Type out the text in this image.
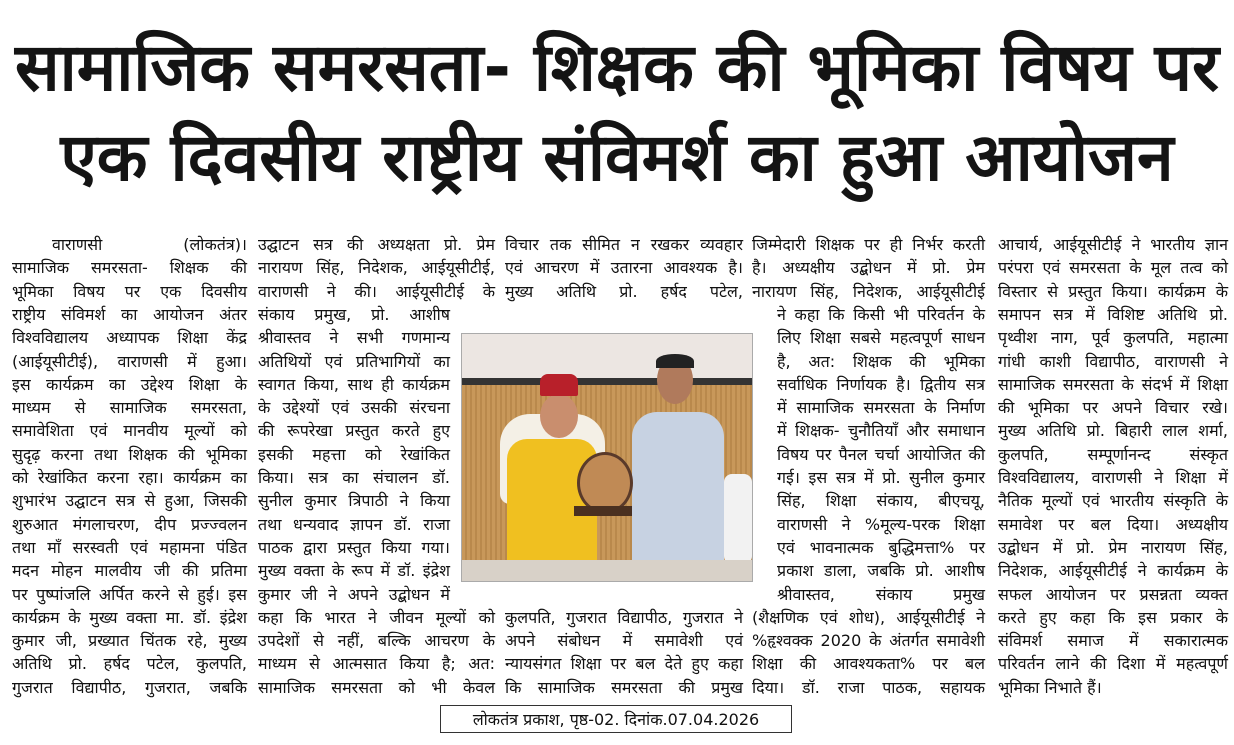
सामाजिक समरसता- शिक्षक की भूमिका विषय पर
एक दिवसीय राष्ट्रीय संविमर्श का हुआ आयोजन
वाराणसी (लोकतंत्र)।
सामाजिक समरसता- शिक्षक की
भूमिका विषय पर एक दिवसीय
राष्ट्रीय संविमर्श का आयोजन अंतर
विश्वविद्यालय अध्यापक शिक्षा केंद्र
(आईयूसीटीई), वाराणसी में हुआ।
इस कार्यक्रम का उद्देश्य शिक्षा के
माध्यम से सामाजिक समरसता,
समावेशिता एवं मानवीय मूल्यों को
सुदृढ़ करना तथा शिक्षक की भूमिका
को रेखांकित करना रहा। कार्यक्रम का
शुभारंभ उद्घाटन सत्र से हुआ, जिसकी
शुरुआत मंगलाचरण, दीप प्रज्ज्वलन
तथा माँ सरस्वती एवं महामना पंडित
मदन मोहन मालवीय जी की प्रतिमा
पर पुष्पांजलि अर्पित करने से हुई। इस
कार्यक्रम के मुख्य वक्ता मा. डॉ. इंद्रेश
कुमार जी, प्रख्यात चिंतक रहे, मुख्य
अतिथि प्रो. हर्षद पटेल, कुलपति,
गुजरात विद्यापीठ, गुजरात, जबकि
उद्घाटन सत्र की अध्यक्षता प्रो. प्रेम
नारायण सिंह, निदेशक, आईयूसीटीई,
वाराणसी ने की। आईयूसीटीई के
संकाय प्रमुख, प्रो. आशीष
श्रीवास्तव ने सभी गणमान्य
अतिथियों एवं प्रतिभागियों का
स्वागत किया, साथ ही कार्यक्रम
के उद्देश्यों एवं उसकी संरचना
की रूपरेखा प्रस्तुत करते हुए
इसकी महत्ता को रेखांकित
किया। सत्र का संचालन डॉ.
सुनील कुमार त्रिपाठी ने किया
तथा धन्यवाद ज्ञापन डॉ. राजा
पाठक द्वारा प्रस्तुत किया गया।
मुख्य वक्ता के रूप में डॉ. इंद्रेश
कुमार जी ने अपने उद्बोधन में
कहा कि भारत ने जीवन मूल्यों को
उपदेशों से नहीं, बल्कि आचरण के
माध्यम से आत्मसात किया है; अत:
सामाजिक समरसता को भी केवल
विचार तक सीमित न रखकर व्यवहार
एवं आचरण में उतारना आवश्यक है।
मुख्य अतिथि प्रो. हर्षद पटेल,
कुलपति, गुजरात विद्यापीठ, गुजरात ने
अपने संबोधन में समावेशी एवं
न्यायसंगत शिक्षा पर बल देते हुए कहा
कि सामाजिक समरसता की प्रमुख
जिम्मेदारी शिक्षक पर ही निर्भर करती
है। अध्यक्षीय उद्बोधन में प्रो. प्रेम
नारायण सिंह, निदेशक, आईयूसीटीई
ने कहा कि किसी भी परिवर्तन के
लिए शिक्षा सबसे महत्वपूर्ण साधन
है, अत: शिक्षक की भूमिका
सर्वाधिक निर्णायक है। द्वितीय सत्र
में सामाजिक समरसता के निर्माण
में शिक्षक- चुनौतियाँ और समाधान
विषय पर पैनल चर्चा आयोजित की
गई। इस सत्र में प्रो. सुनील कुमार
सिंह, शिक्षा संकाय, बीएचयू,
वाराणसी ने %मूल्य-परक शिक्षा
एवं भावनात्मक बुद्धिमत्ता% पर
प्रकाश डाला, जबकि प्रो. आशीष
श्रीवास्तव, संकाय प्रमुख
(शैक्षणिक एवं शोध), आईयूसीटीई ने
%हृश्वक्क 2020 के अंतर्गत समावेशी
शिक्षा की आवश्यकता% पर बल
दिया। डॉ. राजा पाठक, सहायक
आचार्य, आईयूसीटीई ने भारतीय ज्ञान
परंपरा एवं समरसता के मूल तत्व को
विस्तार से प्रस्तुत किया। कार्यक्रम के
समापन सत्र में विशिष्ट अतिथि प्रो.
पृथ्वीश नाग, पूर्व कुलपति, महात्मा
गांधी काशी विद्यापीठ, वाराणसी ने
सामाजिक समरसता के संदर्भ में शिक्षा
की भूमिका पर अपने विचार रखे।
मुख्य अतिथि प्रो. बिहारी लाल शर्मा,
कुलपति, सम्पूर्णानन्द संस्कृत
विश्वविद्यालय, वाराणसी ने शिक्षा में
नैतिक मूल्यों एवं भारतीय संस्कृति के
समावेश पर बल दिया। अध्यक्षीय
उद्बोधन में प्रो. प्रेम नारायण सिंह,
निदेशक, आईयूसीटीई ने कार्यक्रम के
सफल आयोजन पर प्रसन्नता व्यक्त
करते हुए कहा कि इस प्रकार के
संविमर्श समाज में सकारात्मक
परिवर्तन लाने की दिशा में महत्वपूर्ण
भूमिका निभाते हैं।
लोकतंत्र प्रकाश, पृष्ठ-02. दिनांक.07.04.2026
